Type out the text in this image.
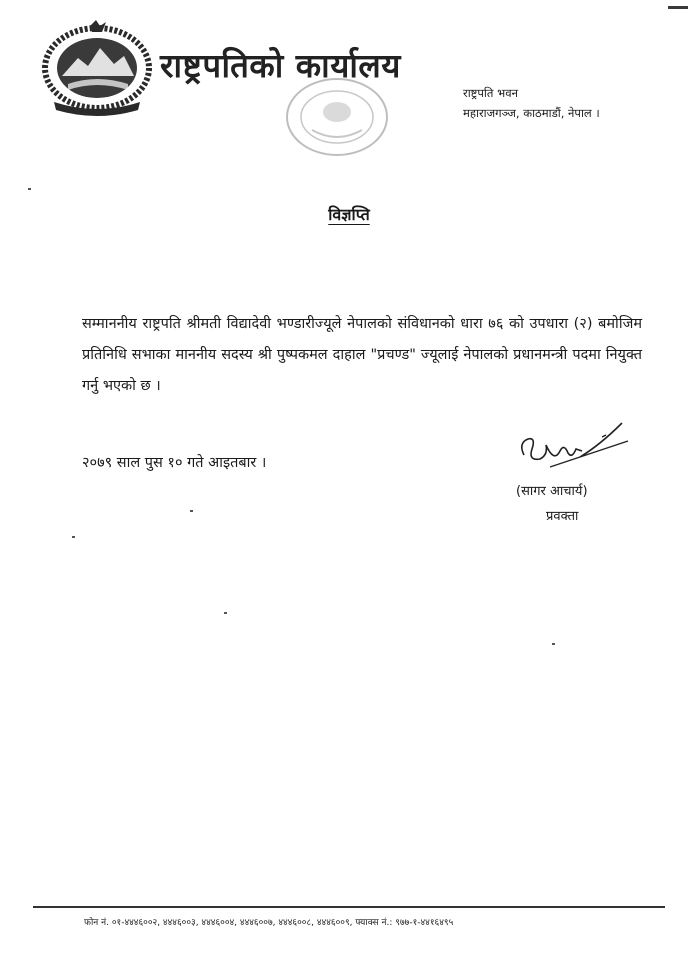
राष्ट्रपतिको कार्यालय
राष्ट्रपति भवन
महाराजगञ्ज, काठमाडौं, नेपाल ।
विज्ञप्ति
सम्माननीय राष्ट्रपति श्रीमती विद्यादेवी भण्डारीज्यूले नेपालको संविधानको धारा ७६ को उपधारा (२) बमोजिम प्रतिनिधि सभाका माननीय सदस्य श्री पुष्पकमल दाहाल "प्रचण्ड" ज्यूलाई नेपालको प्रधानमन्त्री पदमा नियुक्त गर्नु भएको छ ।
२०७९ साल पुस १० गते आइतबार ।
(सागर आचार्य)
प्रवक्ता
फोन नं. ०१-४४४६००२, ४४४६००३, ४४४६००४, ४४४६००७, ४४४६००८, ४४४६००९, फ्याक्स नं.: ९७७-१-४४१६४९५
